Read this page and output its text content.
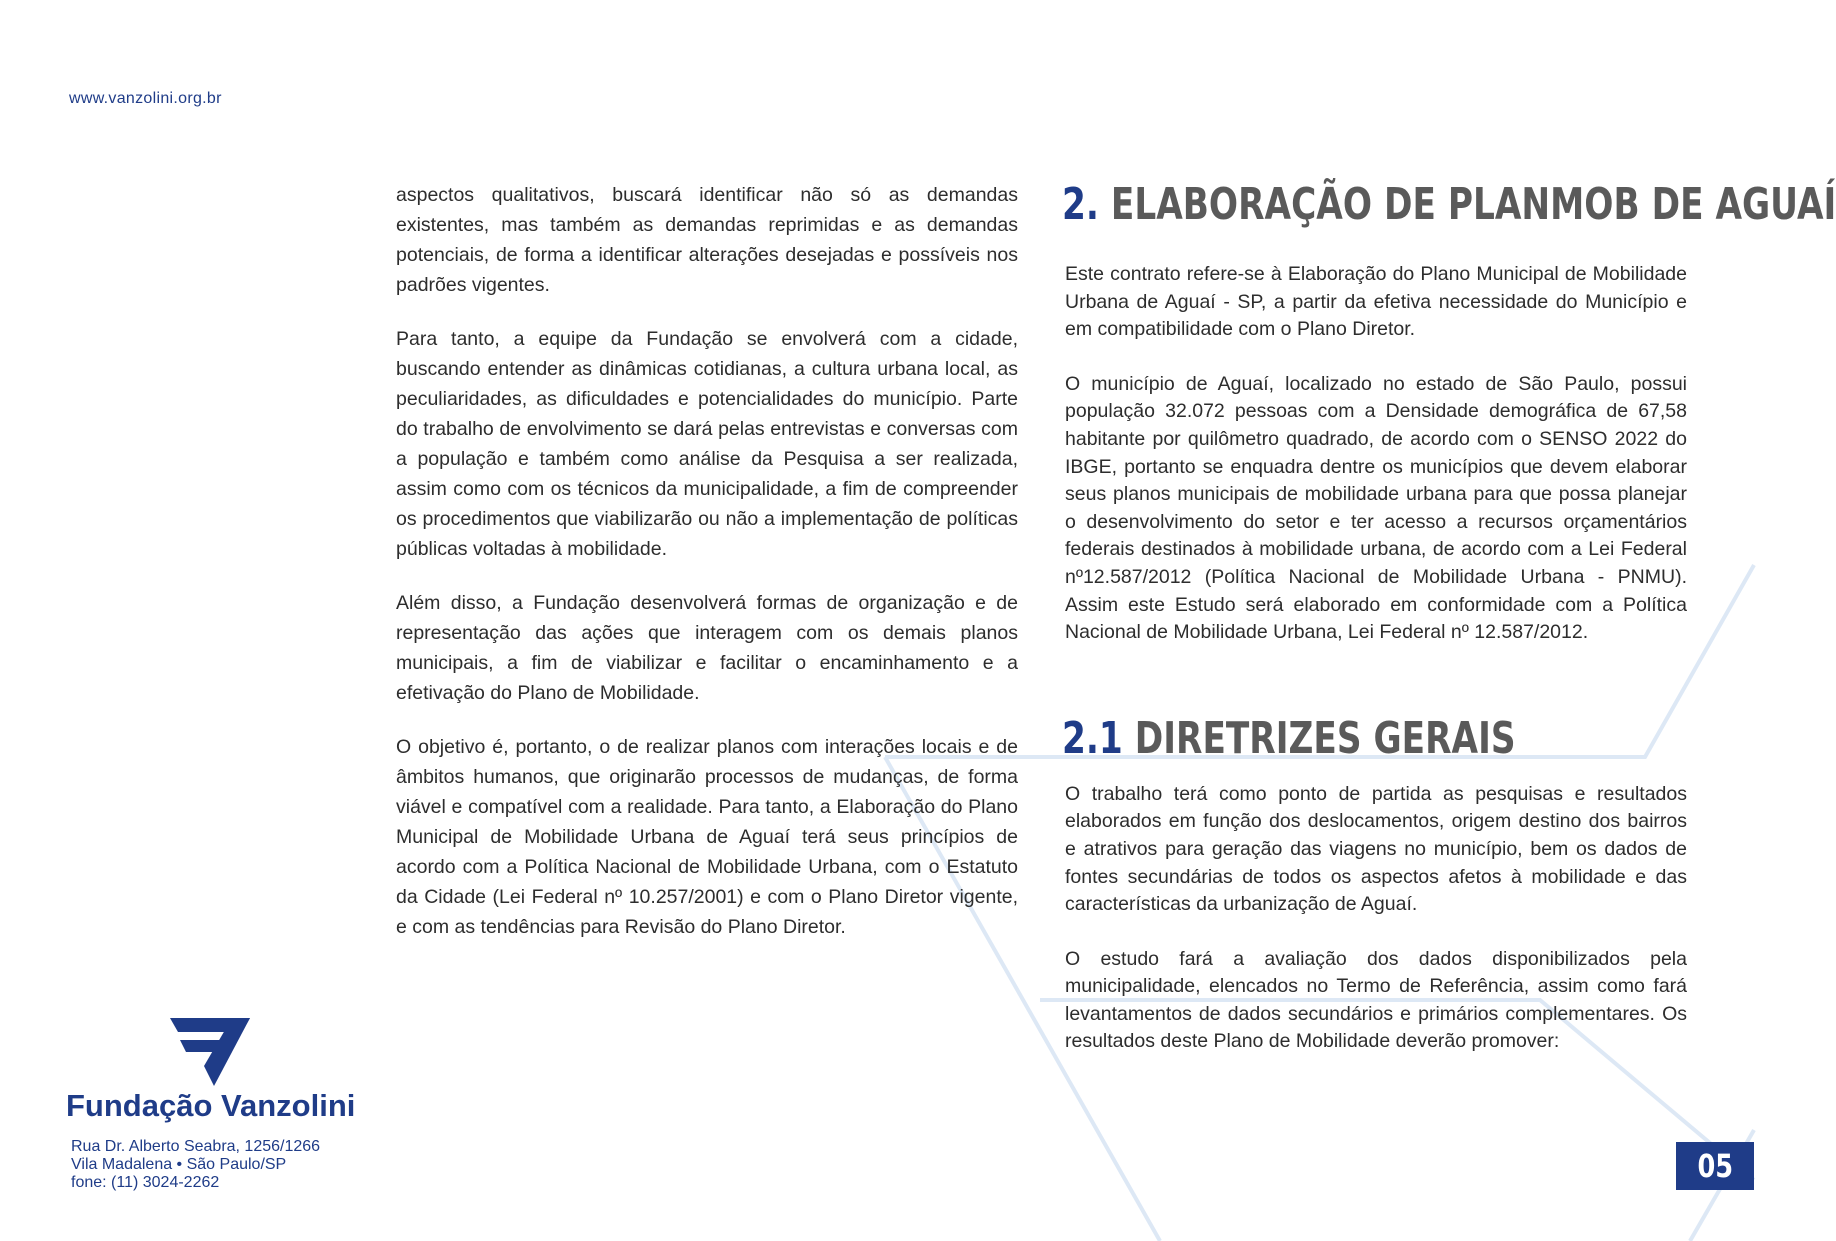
www.vanzolini.org.br

aspectos qualitativos, buscará identificar não só as demandas existentes, mas também as demandas reprimidas e as demandas potenciais, de forma a identificar alterações desejadas e possíveis nos padrões vigentes.

Para tanto, a equipe da Fundação se envolverá com a cidade, buscando entender as dinâmicas cotidianas, a cultura urbana local, as peculiaridades, as dificuldades e potencialidades do município. Parte do trabalho de envolvimento se dará pelas entrevistas e conversas com a população e também como análise da Pesquisa a ser realizada, assim como com os técnicos da municipalidade, a fim de compreender os procedimentos que viabilizarão ou não a implementação de políticas públicas voltadas à mobilidade.

Além disso, a Fundação desenvolverá formas de organização e de representação das ações que interagem com os demais planos municipais, a fim de viabilizar e facilitar o encaminhamento e a efetivação do Plano de Mobilidade.

O objetivo é, portanto, o de realizar planos com interações locais e de âmbitos humanos, que originarão processos de mudanças, de forma viável e compatível com a realidade. Para tanto, a Elaboração do Plano Municipal de Mobilidade Urbana de Aguaí terá seus princípios de acordo com a Política Nacional de Mobilidade Urbana, com o Estatuto da Cidade (Lei Federal nº 10.257/2001) e com o Plano Diretor vigente, e com as tendências para Revisão do Plano Diretor.

2. ELABORAÇÃO DE PLANMOB DE AGUAÍ

Este contrato refere-se à Elaboração do Plano Municipal de Mobilidade Urbana de Aguaí - SP, a partir da efetiva necessidade do Município e em compatibilidade com o Plano Diretor.

O município de Aguaí, localizado no estado de São Paulo, possui população 32.072 pessoas com a Densidade demográfica de 67,58 habitante por quilômetro quadrado, de acordo com o SENSO 2022 do IBGE, portanto se enquadra dentre os municípios que devem elaborar seus planos municipais de mobilidade urbana para que possa planejar o desenvolvimento do setor e ter acesso a recursos orçamentários federais destinados à mobilidade urbana, de acordo com a Lei Federal nº12.587/2012 (Política Nacional de Mobilidade Urbana - PNMU). Assim este Estudo será elaborado em conformidade com a Política Nacional de Mobilidade Urbana, Lei Federal nº 12.587/2012.

2.1 DIRETRIZES GERAIS

O trabalho terá como ponto de partida as pesquisas e resultados elaborados em função dos deslocamentos, origem destino dos bairros e atrativos para geração das viagens no município, bem os dados de fontes secundárias de todos os aspectos afetos à mobilidade e das características da urbanização de Aguaí.

O estudo fará a avaliação dos dados disponibilizados pela municipalidade, elencados no Termo de Referência, assim como fará levantamentos de dados secundários e primários complementares. Os resultados deste Plano de Mobilidade deverão promover:

Fundação Vanzolini
Rua Dr. Alberto Seabra, 1256/1266
Vila Madalena • São Paulo/SP
fone: (11) 3024-2262	05
